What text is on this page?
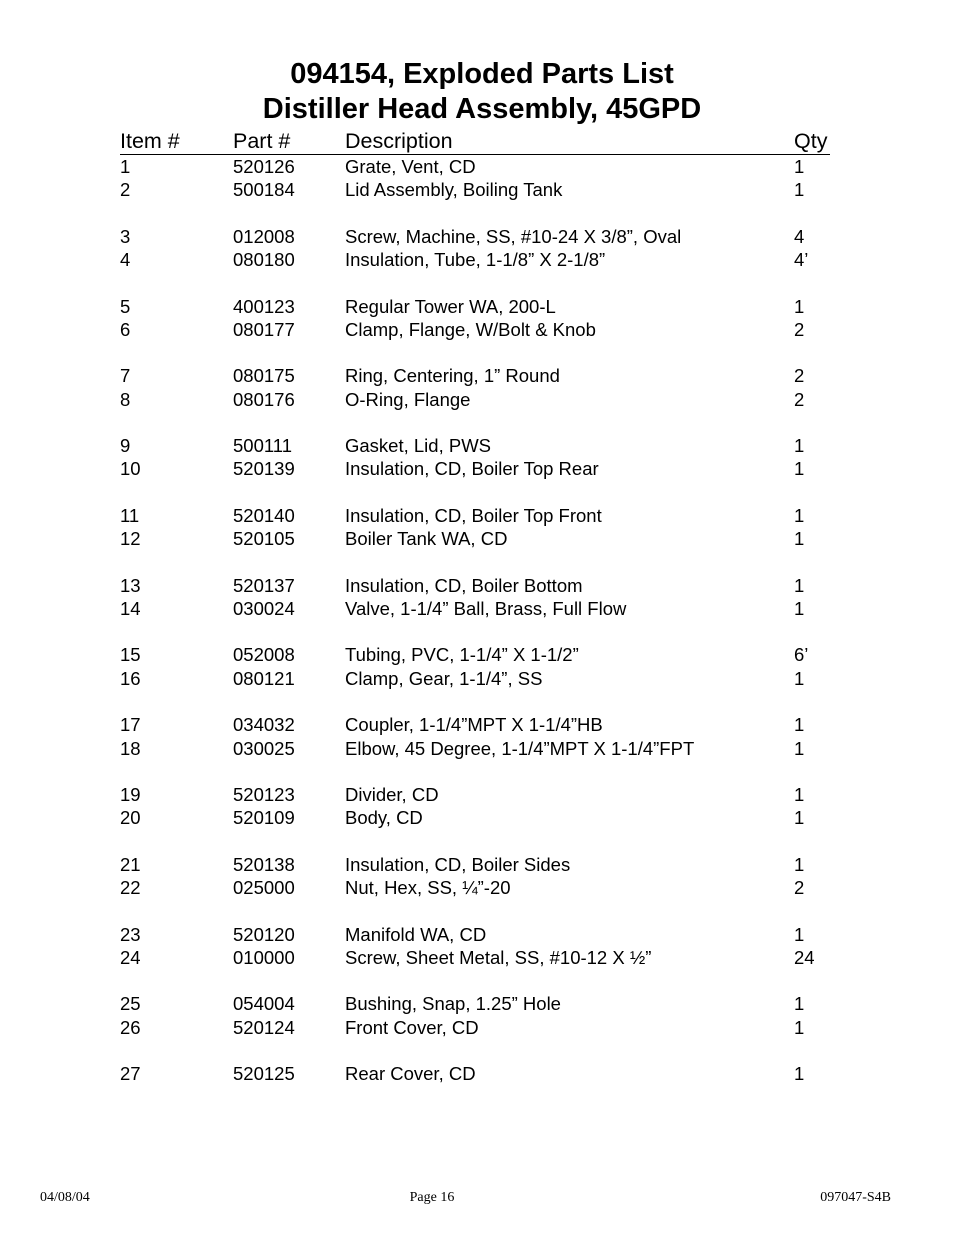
094154, Exploded Parts List
Distiller Head Assembly, 45GPD
Item # Part #	Description	Qty
1	520126	Grate, Vent, CD	1
2	500184	Lid Assembly, Boiling Tank	1
3	012008	Screw, Machine, SS, #10-24 X 3/8”, Oval	4
4	080180	Insulation, Tube, 1-1/8” X 2-1/8”	4’
5	400123	Regular Tower WA, 200-L	1
6	080177	Clamp, Flange, W/Bolt & Knob	2
7	080175	Ring, Centering, 1” Round	2
8	080176	O-Ring, Flange	2
9	500111	Gasket, Lid, PWS	1
10	520139	Insulation, CD, Boiler Top Rear	1
11	520140	Insulation, CD, Boiler Top Front	1
12	520105	Boiler Tank WA, CD	1
13	520137	Insulation, CD, Boiler Bottom	1
14	030024	Valve, 1-1/4” Ball, Brass, Full Flow	1
15	052008	Tubing, PVC, 1-1/4” X 1-1/2”	6’
16	080121	Clamp, Gear, 1-1/4”, SS	1
17	034032	Coupler, 1-1/4”MPT X 1-1/4”HB	1
18	030025	Elbow, 45 Degree, 1-1/4”MPT X 1-1/4”FPT	1
19	520123	Divider, CD	1
20	520109	Body, CD	1
21	520138	Insulation, CD, Boiler Sides	1
22	025000	Nut, Hex, SS, ¼”-20	2
23	520120	Manifold WA, CD	1
24	010000	Screw, Sheet Metal, SS, #10-12 X ½”	24
25	054004	Bushing, Snap, 1.25” Hole	1
26	520124	Front Cover, CD	1
27	520125	Rear Cover, CD	1
04/08/04	Page 16	097047-S4B
